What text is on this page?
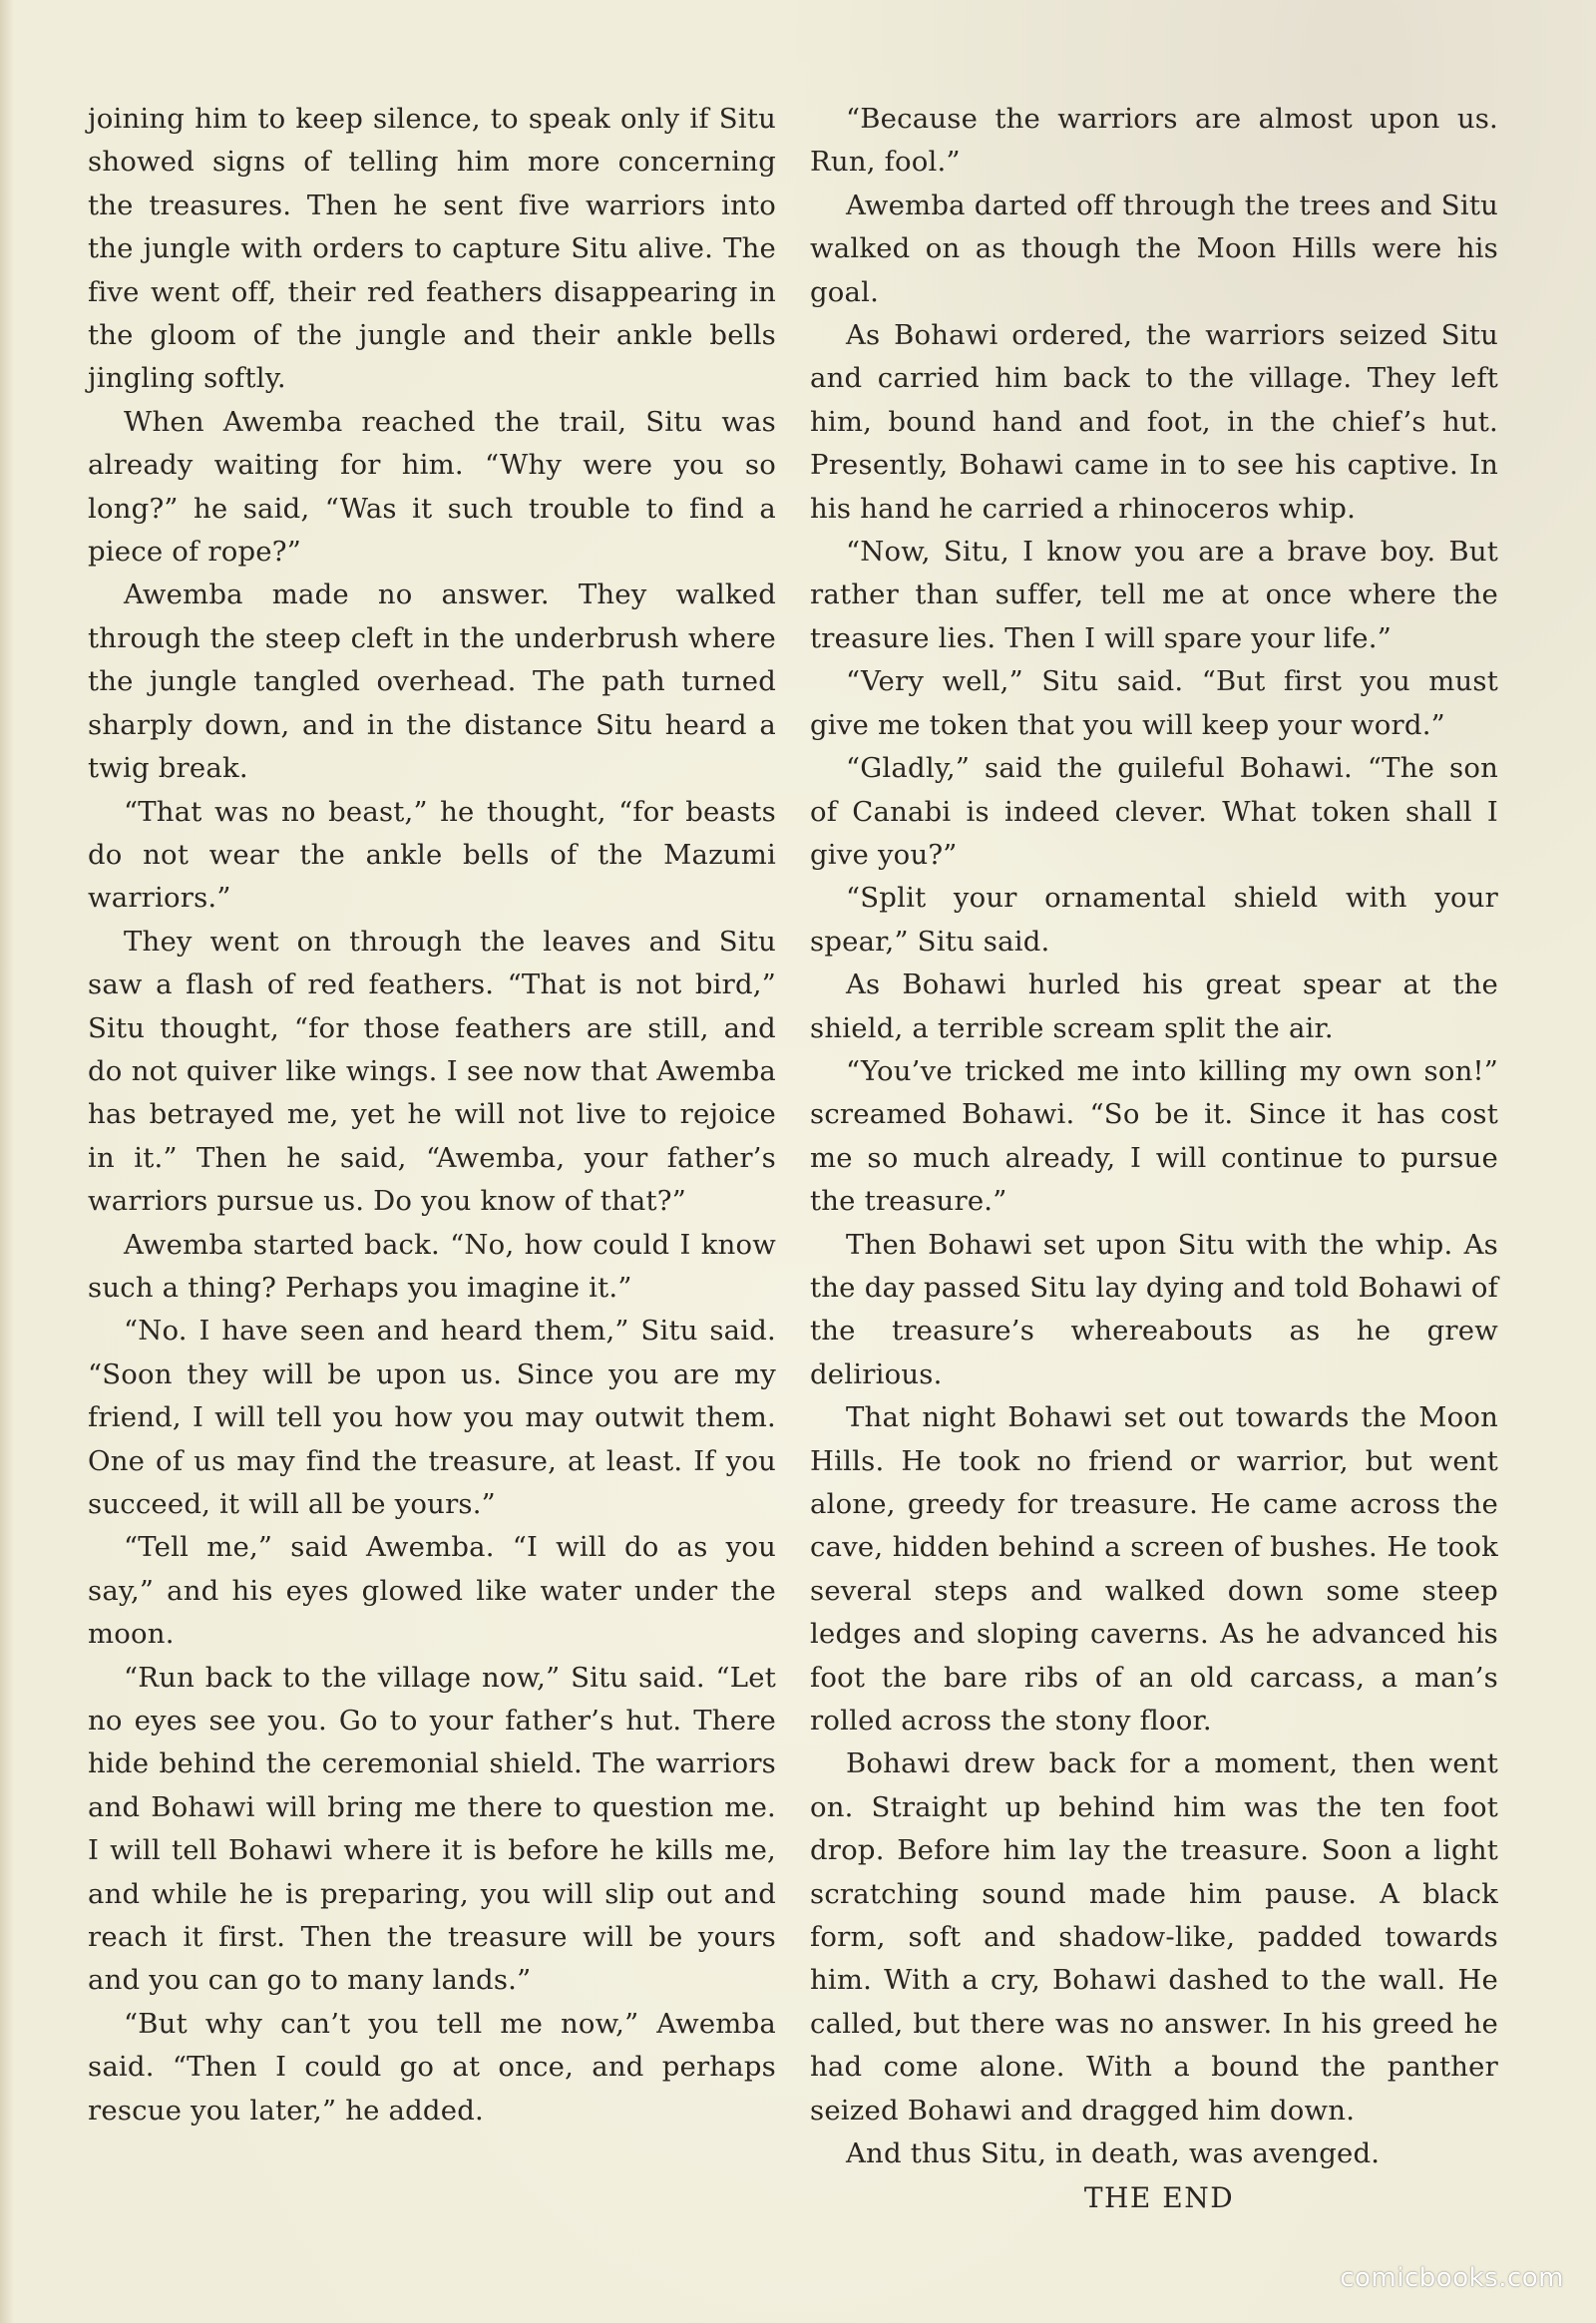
joining him to keep silence, to speak only if Situ showed signs of telling him more concerning the treasures. Then he sent five warriors into the jungle with orders to capture Situ alive. The five went off, their red feathers disappearing in the gloom of the jungle and their ankle bells jingling softly.

When Awemba reached the trail, Situ was already waiting for him. “Why were you so long?” he said, “Was it such trouble to find a piece of rope?”

Awemba made no answer. They walked through the steep cleft in the underbrush where the jungle tangled overhead. The path turned sharply down, and in the distance Situ heard a twig break.

“That was no beast,” he thought, “for beasts do not wear the ankle bells of the Mazumi warriors.”

They went on through the leaves and Situ saw a flash of red feathers. “That is not bird,” Situ thought, “for those feathers are still, and do not quiver like wings. I see now that Awemba has betrayed me, yet he will not live to rejoice in it.” Then he said, “Awemba, your father’s warriors pursue us. Do you know of that?”

Awemba started back. “No, how could I know such a thing? Perhaps you imagine it.”

“No. I have seen and heard them,” Situ said. “Soon they will be upon us. Since you are my friend, I will tell you how you may outwit them. One of us may find the treasure, at least. If you succeed, it will all be yours.”

“Tell me,” said Awemba. “I will do as you say,” and his eyes glowed like water under the moon.

“Run back to the village now,” Situ said. “Let no eyes see you. Go to your father’s hut. There hide behind the ceremonial shield. The warriors and Bohawi will bring me there to question me. I will tell Bohawi where it is before he kills me, and while he is preparing, you will slip out and reach it first. Then the treasure will be yours and you can go to many lands.”

“But why can’t you tell me now,” Awemba said. “Then I could go at once, and perhaps rescue you later,” he added.

“Because the warriors are almost upon us. Run, fool.”

Awemba darted off through the trees and Situ walked on as though the Moon Hills were his goal.

As Bohawi ordered, the warriors seized Situ and carried him back to the village. They left him, bound hand and foot, in the chief’s hut. Presently, Bohawi came in to see his captive. In his hand he carried a rhinoceros whip.

“Now, Situ, I know you are a brave boy. But rather than suffer, tell me at once where the treasure lies. Then I will spare your life.”

“Very well,” Situ said. “But first you must give me token that you will keep your word.”

“Gladly,” said the guileful Bohawi. “The son of Canabi is indeed clever. What token shall I give you?”

“Split your ornamental shield with your spear,” Situ said.

As Bohawi hurled his great spear at the shield, a terrible scream split the air.

“You’ve tricked me into killing my own son!” screamed Bohawi. “So be it. Since it has cost me so much already, I will continue to pursue the treasure.”

Then Bohawi set upon Situ with the whip. As the day passed Situ lay dying and told Bohawi of the treasure’s whereabouts as he grew delirious.

That night Bohawi set out towards the Moon Hills. He took no friend or warrior, but went alone, greedy for treasure. He came across the cave, hidden behind a screen of bushes. He took several steps and walked down some steep ledges and sloping caverns. As he advanced his foot the bare ribs of an old carcass, a man’s rolled across the stony floor.

Bohawi drew back for a moment, then went on. Straight up behind him was the ten foot drop. Before him lay the treasure. Soon a light scratching sound made him pause. A black form, soft and shadow-like, padded towards him. With a cry, Bohawi dashed to the wall. He called, but there was no answer. In his greed he had come alone. With a bound the panther seized Bohawi and dragged him down.

And thus Situ, in death, was avenged.

THE END

comicbooks.com
